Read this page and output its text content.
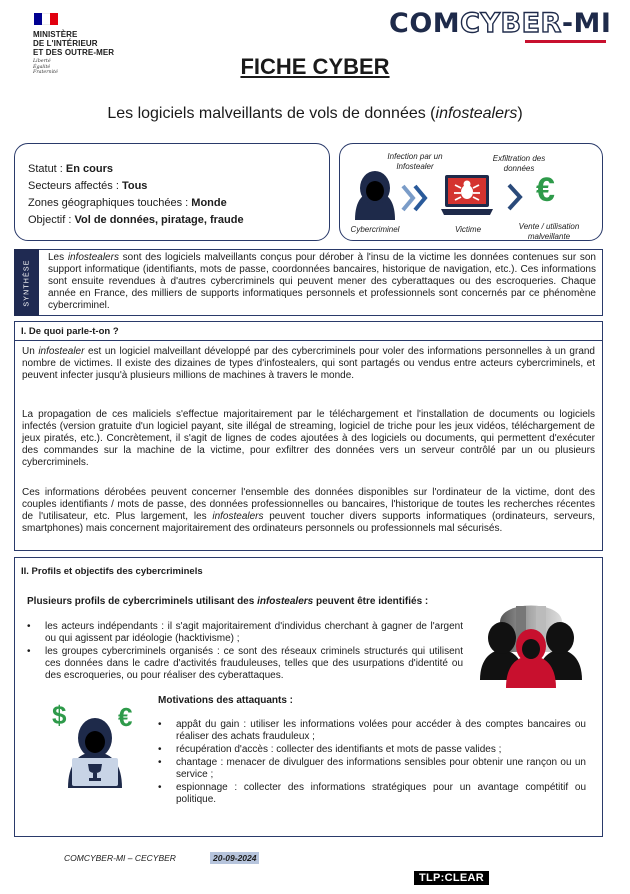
MINISTÈRE
DE L'INTÉRIEUR
ET DES OUTRE-MER
Liberté
Égalité
Fraternité
COMCYBER-MI
FICHE CYBER
Les logiciels malveillants de vols de données (infostealers)
Statut : En cours
Secteurs affectés : Tous
Zones géographiques touchées : Monde
Objectif : Vol de données, piratage, fraude
Infection par un Infostealer
Exfiltration des données
€
Cybercriminel	Victime	Vente / utilisation malveillante
SYNTHÈSE
Les infostealers sont des logiciels malveillants conçus pour dérober à l'insu de la victime les données contenues sur son support informatique (identifiants, mots de passe, coordonnées bancaires, historique de navigation, etc.). Ces informations sont ensuite revendues à d'autres cybercriminels qui peuvent mener des cyberattaques ou des escroqueries. Chaque année en France, des milliers de supports informatiques personnels et professionnels sont concernés par ce phénomène cybercriminel.
I. De quoi parle-t-on ?
Un infostealer est un logiciel malveillant développé par des cybercriminels pour voler des informations personnelles à un grand nombre de victimes. Il existe des dizaines de types d'infostealers, qui sont partagés ou vendus entre acteurs cybercriminels, et peuvent infecter jusqu'à plusieurs millions de machines à travers le monde.
La propagation de ces maliciels s'effectue majoritairement par le téléchargement et l'installation de documents ou logiciels infectés (version gratuite d'un logiciel payant, site illégal de streaming, logiciel de triche pour les jeux vidéos, téléchargement de jeux piratés, etc.). Concrètement, il s'agit de lignes de codes ajoutées à des logiciels ou documents, qui permettent d'exécuter des commandes sur la machine de la victime, pour exfiltrer des données vers un serveur contrôlé par un ou plusieurs cybercriminels.
Ces informations dérobées peuvent concerner l'ensemble des données disponibles sur l'ordinateur de la victime, dont des couples identifiants / mots de passe, des données professionnelles ou bancaires, l'historique de toutes les recherches récentes de l'utilisateur, etc. Plus largement, les infostealers peuvent toucher divers supports informatiques (ordinateurs, serveurs, smartphones) mais concernent majoritairement des ordinateurs personnels ou professionnels mal sécurisés.
II. Profils et objectifs des cybercriminels
Plusieurs profils de cybercriminels utilisant des infostealers peuvent être identifiés :
• les acteurs indépendants : il s'agit majoritairement d'individus cherchant à gagner de l'argent ou qui agissent par idéologie (hacktivisme) ;
• les groupes cybercriminels organisés : ce sont des réseaux criminels structurés qui utilisent ces données dans le cadre d'activités frauduleuses, telles que des usurpations d'identité ou des escroqueries, ou pour réaliser des cyberattaques.
$ €
Motivations des attaquants :
• appât du gain : utiliser les informations volées pour accéder à des comptes bancaires ou réaliser des achats frauduleux ;
• récupération d'accès : collecter des identifiants et mots de passe valides ;
• chantage : menacer de divulguer des informations sensibles pour obtenir une rançon ou un service ;
• espionnage : collecter des informations stratégiques pour un avantage compétitif ou politique.
COMCYBER-MI – CECYBER	20-09-2024
TLP:CLEAR
